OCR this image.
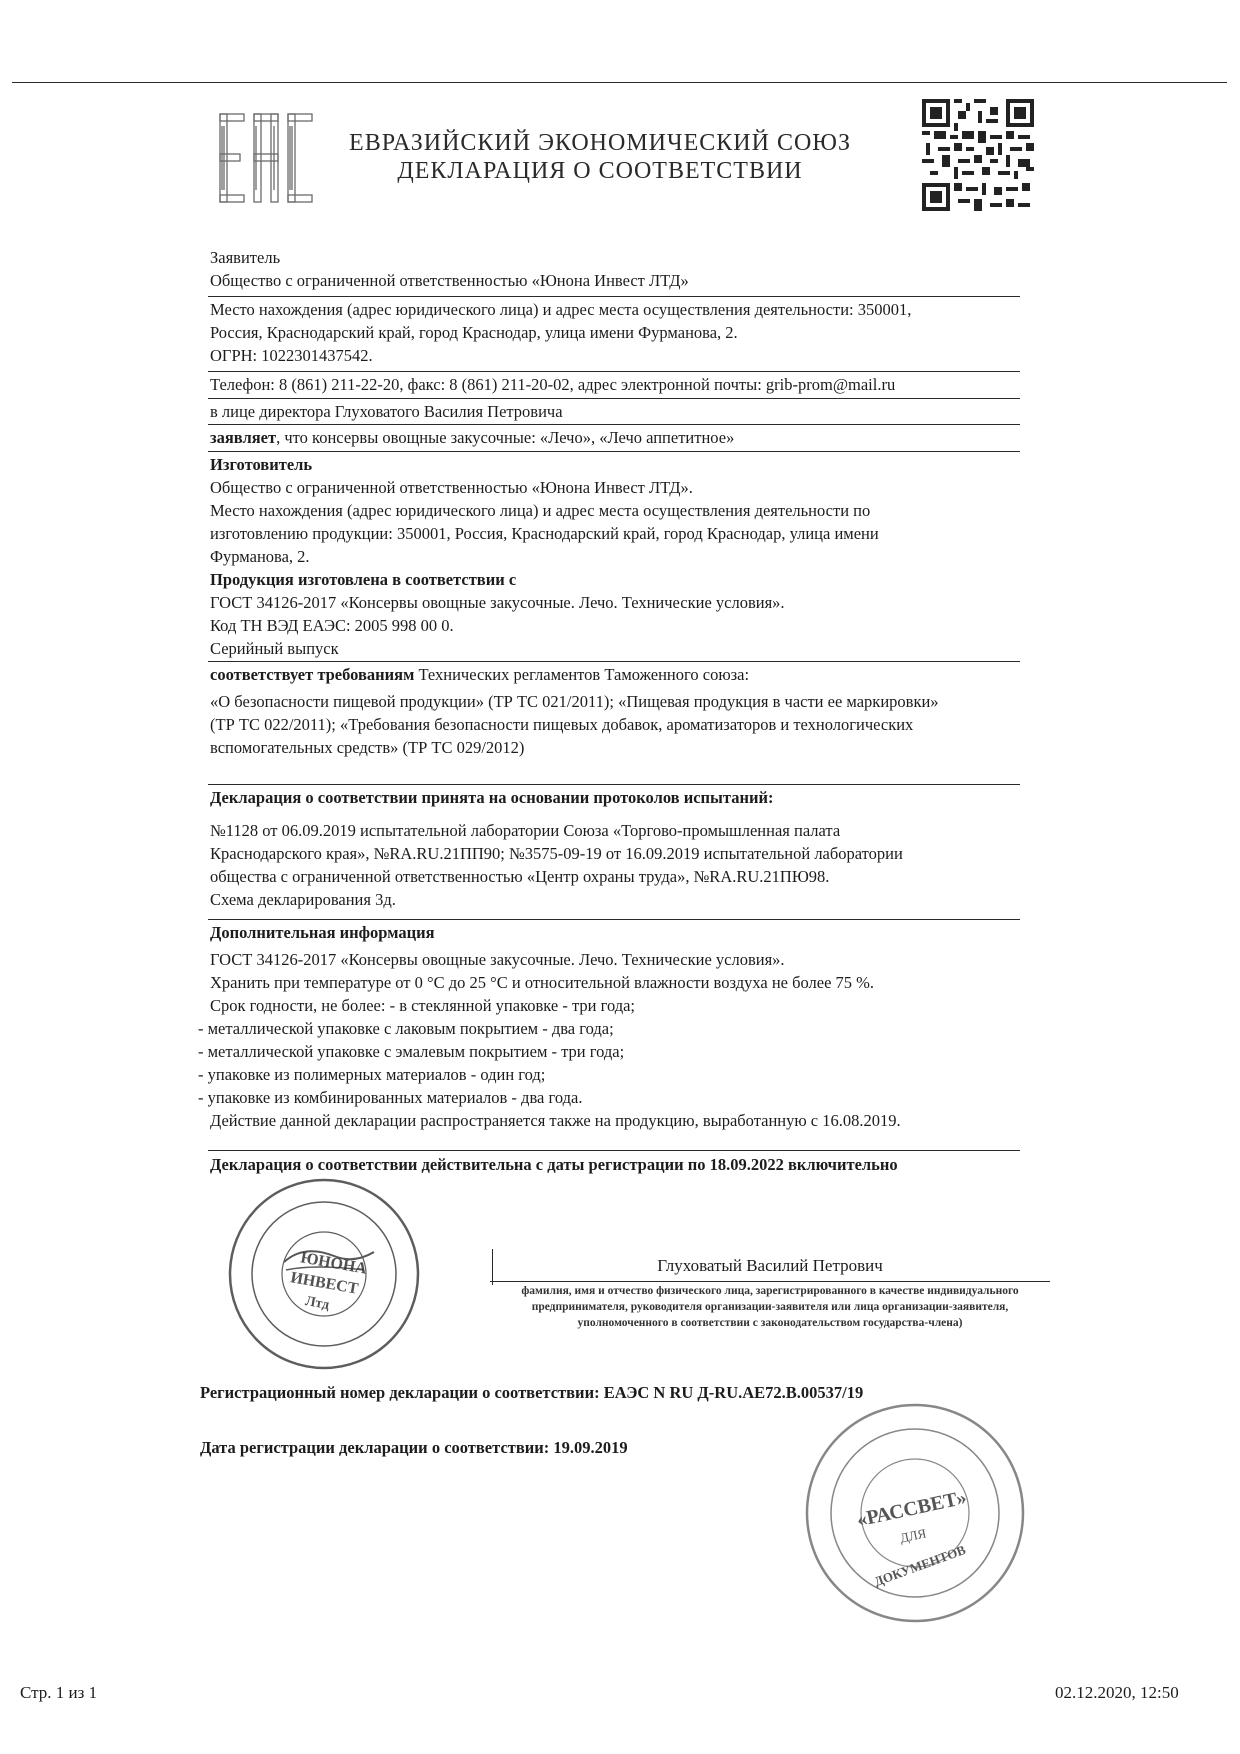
ЕВРАЗИЙСКИЙ ЭКОНОМИЧЕСКИЙ СОЮЗ
ДЕКЛАРАЦИЯ О СООТВЕТСТВИИ
Заявитель
Общество с ограниченной ответственностью «Юнона Инвест ЛТД»
Место нахождения (адрес юридического лица) и адрес места осуществления деятельности: 350001,
Россия, Краснодарский край, город Краснодар, улица имени Фурманова, 2.
ОГРН: 1022301437542.
Телефон: 8 (861) 211-22-20, факс: 8 (861) 211-20-02, адрес электронной почты: grib-prom@mail.ru
в лице директора Глуховатого Василия Петровича
заявляет, что консервы овощные закусочные: «Лечо», «Лечо аппетитное»
Изготовитель
Общество с ограниченной ответственностью «Юнона Инвест ЛТД».
Место нахождения (адрес юридического лица) и адрес места осуществления деятельности по
изготовлению продукции: 350001, Россия, Краснодарский край, город Краснодар, улица имени
Фурманова, 2.
Продукция изготовлена в соответствии с
ГОСТ 34126-2017 «Консервы овощные закусочные. Лечо. Технические условия».
Код ТН ВЭД ЕАЭС: 2005 998 00 0.
Серийный выпуск
соответствует требованиям Технических регламентов Таможенного союза:
«О безопасности пищевой продукции» (ТР ТС 021/2011); «Пищевая продукция в части ее маркировки»
(ТР ТС 022/2011); «Требования безопасности пищевых добавок, ароматизаторов и технологических
вспомогательных средств» (ТР ТС 029/2012)
Декларация о соответствии принята на основании протоколов испытаний:
№1128 от 06.09.2019 испытательной лаборатории Союза «Торгово-промышленная палата
Краснодарского края», №RA.RU.21ПП90; №3575-09-19 от 16.09.2019 испытательной лаборатории
общества с ограниченной ответственностью «Центр охраны труда», №RA.RU.21ПЮ98.
Схема декларирования 3д.
Дополнительная информация
ГОСТ 34126-2017 «Консервы овощные закусочные. Лечо. Технические условия».
Хранить при температуре от 0 °С до 25 °С и относительной влажности воздуха не более 75 %.
Срок годности, не более: - в стеклянной упаковке - три года;
- металлической упаковке с лаковым покрытием - два года;
- металлической упаковке с эмалевым покрытием - три года;
- упаковке из полимерных материалов - один год;
- упаковке из комбинированных материалов - два года.
Действие данной декларации распространяется также на продукцию, выработанную с 16.08.2019.
Декларация о соответствии действительна с даты регистрации по 18.09.2022 включительно
ЮНОНА
ИНВЕСТ
Лтд
Глуховатый Василий Петрович
фамилия, имя и отчество физического лица, зарегистрированного в качестве индивидуального
предпринимателя, руководителя организации-заявителя или лица организации-заявителя,
уполномоченного в соответствии с законодательством государства-члена)
Регистрационный номер декларации о соответствии: ЕАЭС N RU Д-RU.АЕ72.В.00537/19
Дата регистрации декларации о соответствии: 19.09.2019
«РАССВЕТ»
ДЛЯ
ДОКУМЕНТОВ
Стр. 1 из 1	02.12.2020, 12:50
